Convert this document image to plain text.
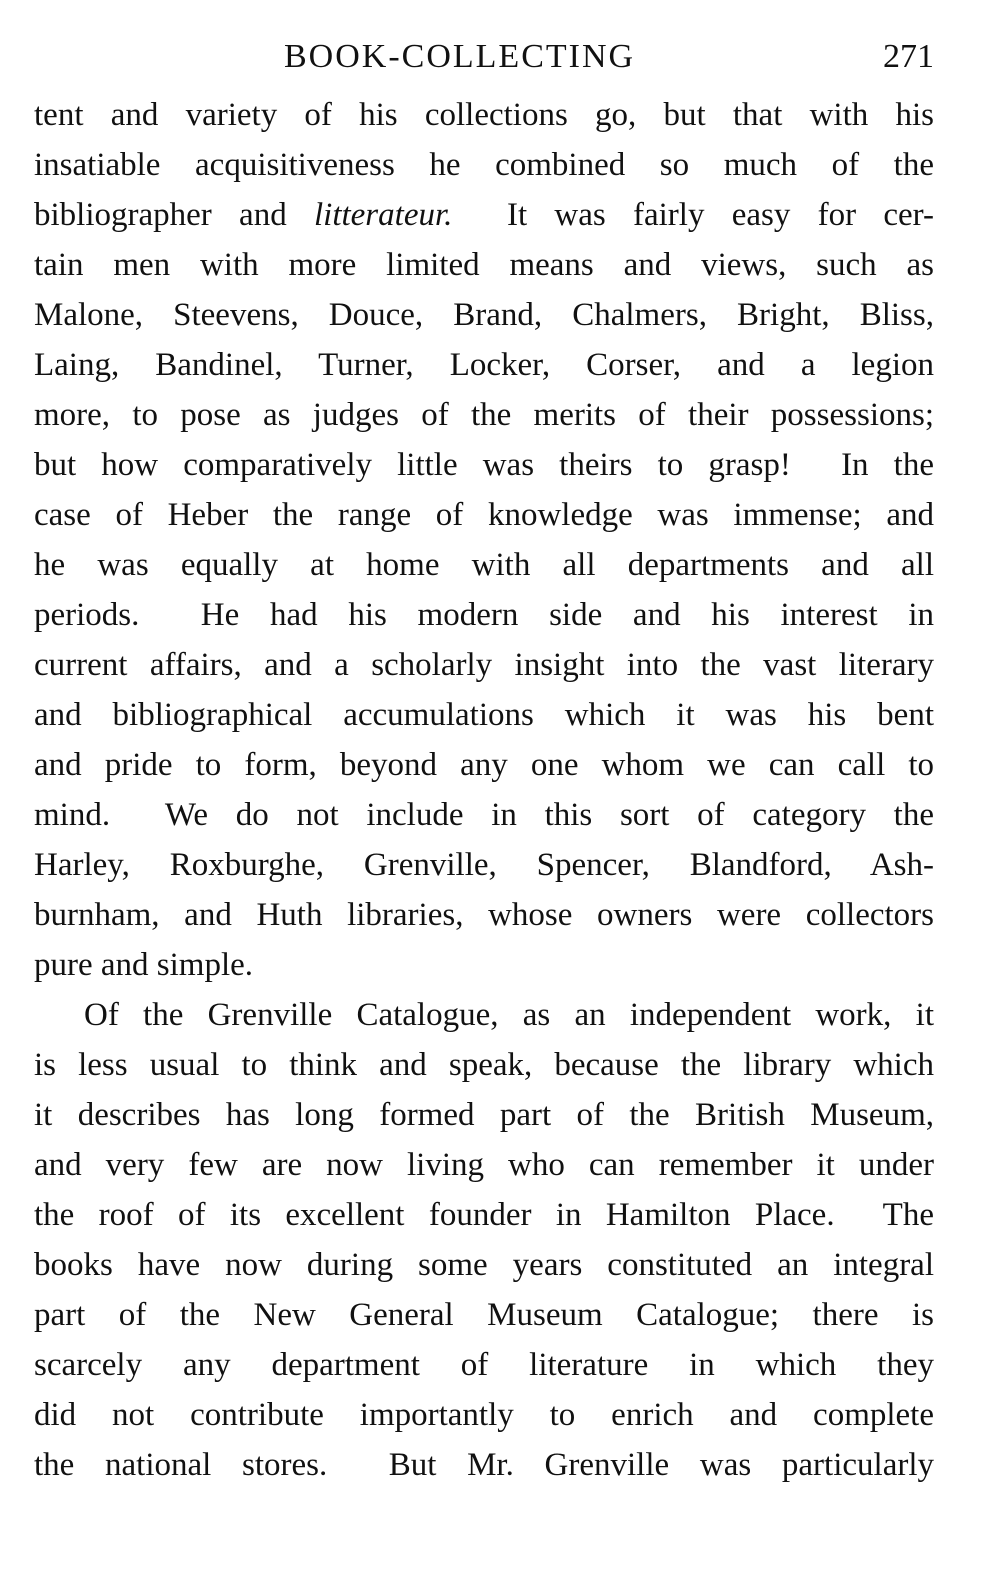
BOOK-COLLECTING	271
tent and variety of his collections go, but that with his
insatiable acquisitiveness he combined so much of the
bibliographer and litterateur.  It was fairly easy for cer-
tain men with more limited means and views, such as
Malone, Steevens, Douce, Brand, Chalmers, Bright, Bliss,
Laing, Bandinel, Turner, Locker, Corser, and a legion
more, to pose as judges of the merits of their possessions;
but how comparatively little was theirs to grasp!  In the
case of Heber the range of knowledge was immense; and
he was equally at home with all departments and all
periods.  He had his modern side and his interest in
current affairs, and a scholarly insight into the vast literary
and bibliographical accumulations which it was his bent
and pride to form, beyond any one whom we can call to
mind.  We do not include in this sort of category the
Harley, Roxburghe, Grenville, Spencer, Blandford, Ash-
burnham, and Huth libraries, whose owners were collectors
pure and simple.
Of the Grenville Catalogue, as an independent work, it
is less usual to think and speak, because the library which
it describes has long formed part of the British Museum,
and very few are now living who can remember it under
the roof of its excellent founder in Hamilton Place.  The
books have now during some years constituted an integral
part of the New General Museum Catalogue; there is
scarcely any department of literature in which they
did not contribute importantly to enrich and complete
the national stores.  But Mr. Grenville was particularly
